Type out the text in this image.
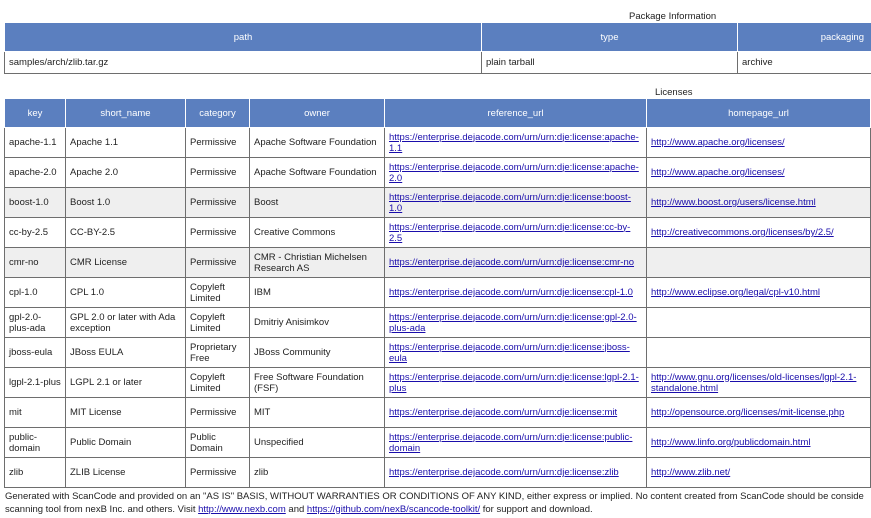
Package Information
path	type	packaging
samples/arch/zlib.tar.gz	plain tarball	archive
Licenses
key	short_name	category	owner	reference_url	homepage_url
apache-1.1	Apache 1.1	Permissive	Apache Software Foundation	https://enterprise.dejacode.com/urn/urn:dje:license:apache-1.1	http://www.apache.org/licenses/
apache-2.0	Apache 2.0	Permissive	Apache Software Foundation	https://enterprise.dejacode.com/urn/urn:dje:license:apache-2.0	http://www.apache.org/licenses/
boost-1.0	Boost 1.0	Permissive	Boost	https://enterprise.dejacode.com/urn/urn:dje:license:boost-1.0	http://www.boost.org/users/license.html
cc-by-2.5	CC-BY-2.5	Permissive	Creative Commons	https://enterprise.dejacode.com/urn/urn:dje:license:cc-by-2.5	http://creativecommons.org/licenses/by/2.5/
cmr-no	CMR License	Permissive	CMR - Christian Michelsen Research AS	https://enterprise.dejacode.com/urn/urn:dje:license:cmr-no	
cpl-1.0	CPL 1.0	Copyleft Limited	IBM	https://enterprise.dejacode.com/urn/urn:dje:license:cpl-1.0	http://www.eclipse.org/legal/cpl-v10.html
gpl-2.0-plus-ada	GPL 2.0 or later with Ada exception	Copyleft Limited	Dmitriy Anisimkov	https://enterprise.dejacode.com/urn/urn:dje:license:gpl-2.0-plus-ada	
jboss-eula	JBoss EULA	Proprietary Free	JBoss Community	https://enterprise.dejacode.com/urn/urn:dje:license:jboss-eula	
lgpl-2.1-plus	LGPL 2.1 or later	Copyleft Limited	Free Software Foundation (FSF)	https://enterprise.dejacode.com/urn/urn:dje:license:lgpl-2.1-plus	http://www.gnu.org/licenses/old-licenses/lgpl-2.1-standalone.html
mit	MIT License	Permissive	MIT	https://enterprise.dejacode.com/urn/urn:dje:license:mit	http://opensource.org/licenses/mit-license.php
public-domain	Public Domain	Public Domain	Unspecified	https://enterprise.dejacode.com/urn/urn:dje:license:public-domain	http://www.linfo.org/publicdomain.html
zlib	ZLIB License	Permissive	zlib	https://enterprise.dejacode.com/urn/urn:dje:license:zlib	http://www.zlib.net/
Generated with ScanCode and provided on an "AS IS" BASIS, WITHOUT WARRANTIES OR CONDITIONS OF ANY KIND, either express or implied. No content created from ScanCode should be conside
scanning tool from nexB Inc. and others. Visit http://www.nexb.com and https://github.com/nexB/scancode-toolkit/ for support and download.
